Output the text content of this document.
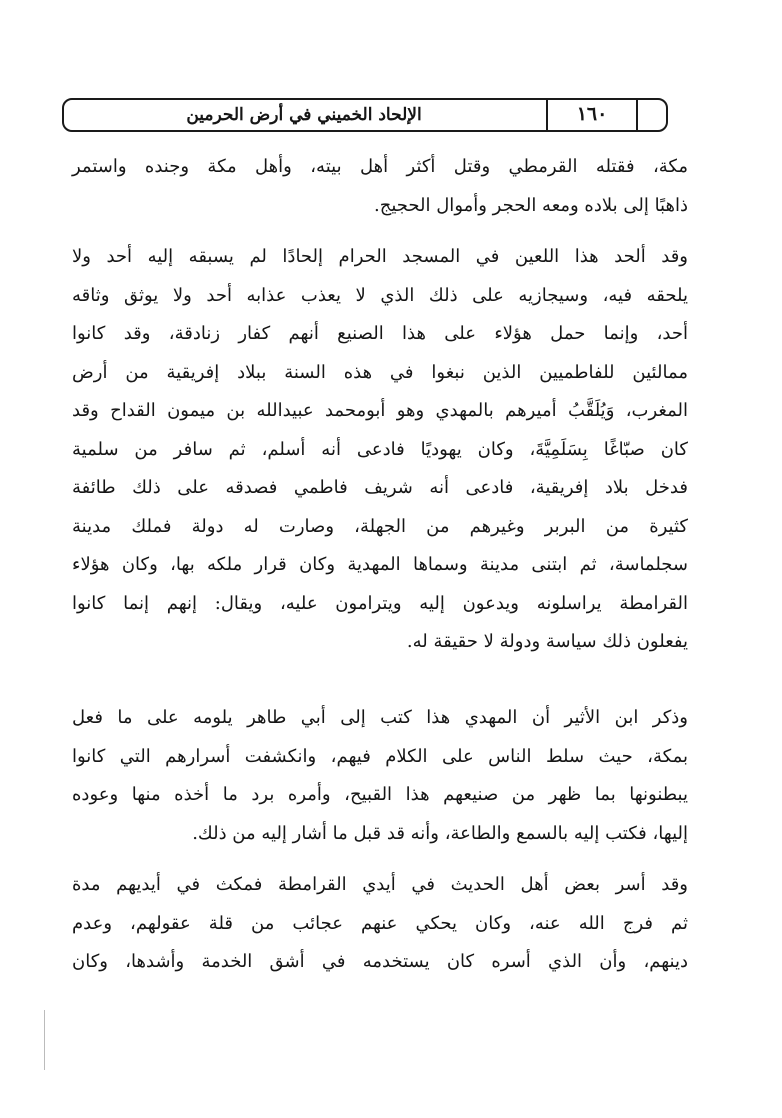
الإلحاد الخميني في أرض الحرمين	١٦٠

مكة، فقتله القرمطي وقتل أكثر أهل بيته، وأهل مكة وجنده واستمر
ذاهبًا إلى بلاده ومعه الحجر وأموال الحجيج.

وقد ألحد هذا اللعين في المسجد الحرام إلحادًا لم يسبقه إليه أحد ولا
يلحقه فيه، وسيجازيه على ذلك الذي لا يعذب عذابه أحد ولا يوثق وثاقه
أحد، وإنما حمل هؤلاء على هذا الصنيع أنهم كفار زنادقة، وقد كانوا
ممالئين للفاطميين الذين نبغوا في هذه السنة ببلاد إفريقية من أرض
المغرب، وَيُلَقَّبُ أميرهم بالمهدي وهو أبومحمد عبيدالله بن ميمون القداح وقد
كان صبّاغًا بِسَلَمِيَّةَ، وكان يهوديًا فادعى أنه أسلم، ثم سافر من سلمية
فدخل بلاد إفريقية، فادعى أنه شريف فاطمي فصدقه على ذلك طائفة
كثيرة من البربر وغيرهم من الجهلة، وصارت له دولة فملك مدينة
سجلماسة، ثم ابتنى مدينة وسماها المهدية وكان قرار ملكه بها، وكان هؤلاء
القرامطة يراسلونه ويدعون إليه ويترامون عليه، ويقال: إنهم إنما كانوا
يفعلون ذلك سياسة ودولة لا حقيقة له.

وذكر ابن الأثير أن المهدي هذا كتب إلى أبي طاهر يلومه على ما فعل
بمكة، حيث سلط الناس على الكلام فيهم، وانكشفت أسرارهم التي كانوا
يبطنونها بما ظهر من صنيعهم هذا القبيح، وأمره برد ما أخذه منها وعوده
إليها، فكتب إليه بالسمع والطاعة، وأنه قد قبل ما أشار إليه من ذلك.

وقد أسر بعض أهل الحديث في أيدي القرامطة فمكث في أيديهم مدة
ثم فرج الله عنه، وكان يحكي عنهم عجائب من قلة عقولهم، وعدم
دينهم، وأن الذي أسره كان يستخدمه في أشق الخدمة وأشدها، وكان
